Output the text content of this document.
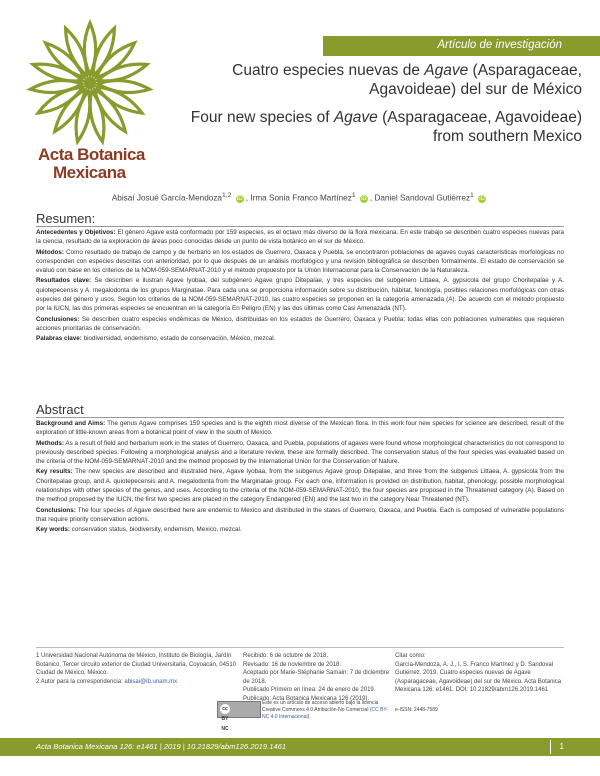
Artículo de investigación
Acta Botanica
Mexicana
Cuatro especies nuevas de Agave (Asparagaceae, Agavoideae) del sur de México
Four new species of Agave (Asparagaceae, Agavoideae) from southern Mexico
Abisaí Josué García-Mendoza$^{1,2}$ iD , Irma Sonia Franco Martínez$^1$ iD , Daniel Sandoval Gutiérrez$^1$ iD
Resumen:

Antecedentes y Objetivos: El género Agave está conformado por 159 especies, es el octavo más diverso de la flora mexicana. En este trabajo se describen cuatro especies nuevas para la ciencia, resultado de la exploración de áreas poco conocidas desde un punto de vista botánico en el sur de México.

Métodos: Como resultado de trabajo de campo y de herbario en los estados de Guerrero, Oaxaca y Puebla, se encontraron poblaciones de agaves cuyas características morfológicas no corresponden con especies descritas con anterioridad, por lo que después de un análisis morfológico y una revisión bibliográfica se describen formalmente. El estado de conservación se evaluó con base en los criterios de la NOM-059-SEMARNAT-2010 y el método propuesto por la Unión Internacional para la Conservación de la Naturaleza.

Resultados clave: Se describen e ilustran Agave lyobaa, del subgénero Agave grupo Ditepalae, y tres especies del subgénero Littaea, A. gypsicola del grupo Choritepalae y A. quiotepecensis y A. megalodonta de los grupos Marginatae. Para cada una se proporciona información sobre su distribución, hábitat, fenología, posibles relaciones morfológicas con otras especies del género y usos. Según los criterios de la NOM-059-SEMARNAT-2010, las cuatro especies se proponen en la categoría amenazada (A). De acuerdo con el método propuesto por la IUCN, las dos primeras especies se encuentran en la categoría En Peligro (EN) y las dos últimas como Casi Amenazada (NT).

Conclusiones: Se describen cuatro especies endémicas de México, distribuidas en los estados de Guerrero, Oaxaca y Puebla; todas ellas con poblaciones vulnerables que requieren acciones prioritarias de conservación.

Palabras clave: biodiversidad, endemismo, estado de conservación, México, mezcal.

Abstract

Background and Aims: The genus Agave comprises 159 species and is the eighth most diverse of the Mexican flora. In this work four new species for science are described, result of the exploration of little-known areas from a botanical point of view in the south of Mexico.

Methods: As a result of field and herbarium work in the states of Guerrero, Oaxaca, and Puebla, populations of agaves were found whose morphological characteristics do not correspond to previously described species. Following a morphological analysis and a literature review, these are formally described. The conservation status of the four species was evaluated based on the criteria of the NOM-059-SEMARNAT-2010 and the method proposed by the International Union for the Conservation of Nature.

Key results: The new species are described and illustrated here, Agave lyobaa, from the subgenus Agave group Ditepalae, and three from the subgenus Littaea, A. gypsicola from the Choritepalae group, and A. quiotepecensis and A. megalodonta from the Marginatae group. For each one, information is provided on distribution, habitat, phenology, possible morphological relationships with other species of the genus, and uses. According to the criteria of the NOM-059-SEMARNAT-2010, the four species are proposed in the Threatened category (A). Based on the method proposed by the IUCN, the first two species are placed in the category Endangered (EN) and the last two in the category Near Threatened (NT).

Conclusions: The four species of Agave described here are endemic to Mexico and distributed in the states of Guerrero, Oaxaca, and Puebla. Each is composed of vulnerable populations that require priority conservation actions.

Key words: conservation status, biodiversity, endemism, Mexico, mezcal.

1 Universidad Nacional Autónoma de México, Instituto de Biología, Jardín Botánico. Tercer circuito exterior de Ciudad Universitaria, Coyoacán, 04510 Ciudad de México, México.
2 Autor para la correspondencia: abisai@ib.unam.mx
Recibido: 6 de octubre de 2018.
Revisado: 16 de noviembre de 2018.
Aceptado por Marie-Stéphanie Samain: 7 de diciembre de 2018.
Publicado Primero en línea: 24 de enero de 2019.
Publicado: Acta Botanica Mexicana 126 (2019).
Citar como:
García-Mendoza, A. J., I. S. Franco Martínez y D. Sandoval Gutiérrez. 2019. Cuatro especies nuevas de Agave (Asparagaceae, Agavoideae) del sur de México. Acta Botanica Mexicana 126: e1461. DOI: 10.21829/abm126.2019.1461
cc BY NC
Este es un artículo de acceso abierto bajo la licencia Creative Commons 4.0 Atribución-No Comercial (CC BY-NC 4.0 Internacional).
e-ISSN: 2448-7589
Acta Botanica Mexicana 126: e1461 | 2019 | 10.21829/abm126.2019.1461	1
